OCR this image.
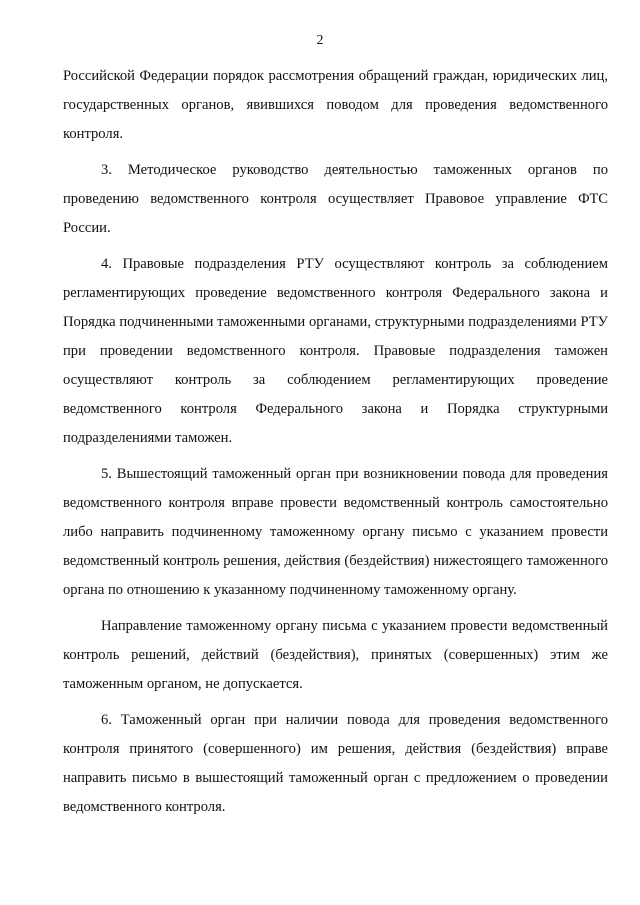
2

Российской Федерации порядок рассмотрения обращений граждан, юридических лиц, государственных органов, явившихся поводом для проведения ведомственного контроля.

3. Методическое руководство деятельностью таможенных органов по проведению ведомственного контроля осуществляет Правовое управление ФТС России.

4. Правовые подразделения РТУ осуществляют контроль за соблюдением регламентирующих проведение ведомственного контроля Федерального закона и Порядка подчиненными таможенными органами, структурными подразделениями РТУ при проведении ведомственного контроля. Правовые подразделения таможен осуществляют контроль за соблюдением регламентирующих проведение ведомственного контроля Федерального закона и Порядка структурными подразделениями таможен.

5. Вышестоящий таможенный орган при возникновении повода для проведения ведомственного контроля вправе провести ведомственный контроль самостоятельно либо направить подчиненному таможенному органу письмо с указанием провести ведомственный контроль решения, действия (бездействия) нижестоящего таможенного органа по отношению к указанному подчиненному таможенному органу.

Направление таможенному органу письма с указанием провести ведомственный контроль решений, действий (бездействия), принятых (совершенных) этим же таможенным органом, не допускается.

6. Таможенный орган при наличии повода для проведения ведомственного контроля принятого (совершенного) им решения, действия (бездействия) вправе направить письмо в вышестоящий таможенный орган с предложением о проведении ведомственного контроля.
